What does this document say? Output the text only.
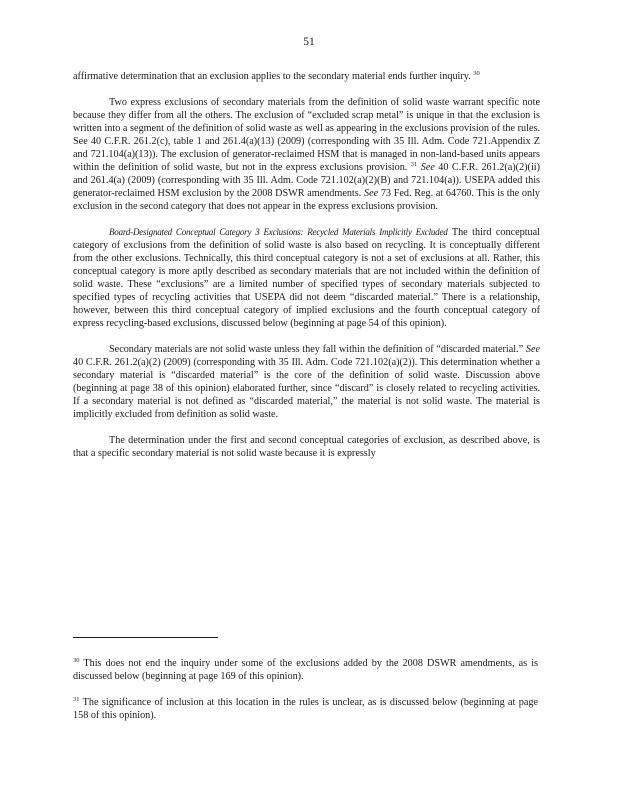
51

affirmative determination that an exclusion applies to the secondary material ends further inquiry. $^{30}$

Two express exclusions of secondary materials from the definition of solid waste warrant specific note because they differ from all the others. The exclusion of “excluded scrap metal” is unique in that the exclusion is written into a segment of the definition of solid waste as well as appearing in the exclusions provision of the rules. See 40 C.F.R. 261.2(c), table 1 and 261.4(a)(13) (2009) (corresponding with 35 Ill. Adm. Code 721.Appendix Z and 721.104(a)(13)). The exclusion of generator-reclaimed HSM that is managed in non-land-based units appears within the definition of solid waste, but not in the express exclusions provision. $^{31}$ See 40 C.F.R. 261.2(a)(2)(ii) and 261.4(a) (2009) (corresponding with 35 Ill. Adm. Code 721.102(a)(2)(B) and 721.104(a)). USEPA added this generator-reclaimed HSM exclusion by the 2008 DSWR amendments. See 73 Fed. Reg. at 64760. This is the only exclusion in the second category that does not appear in the express exclusions provision.

Board-Designated Conceptual Category 3 Exclusions: Recycled Materials Implicitly Excluded The third conceptual category of exclusions from the definition of solid waste is also based on recycling. It is conceptually different from the other exclusions. Technically, this third conceptual category is not a set of exclusions at all. Rather, this conceptual category is more aptly described as secondary materials that are not included within the definition of solid waste. These “exclusions” are a limited number of specified types of secondary materials subjected to specified types of recycling activities that USEPA did not deem “discarded material.” There is a relationship, however, between this third conceptual category of implied exclusions and the fourth conceptual category of express recycling-based exclusions, discussed below (beginning at page 54 of this opinion).

Secondary materials are not solid waste unless they fall within the definition of “discarded material.” See 40 C.F.R. 261.2(a)(2) (2009) (corresponding with 35 Ill. Adm. Code 721.102(a)(2)). This determination whether a secondary material is “discarded material” is the core of the definition of solid waste. Discussion above (beginning at page 38 of this opinion) elaborated further, since “discard” is closely related to recycling activities. If a secondary material is not defined as “discarded material,” the material is not solid waste. The material is implicitly excluded from definition as solid waste.

The determination under the first and second conceptual categories of exclusion, as described above, is that a specific secondary material is not solid waste because it is expressly

$^{30}$ This does not end the inquiry under some of the exclusions added by the 2008 DSWR amendments, as is discussed below (beginning at page 169 of this opinion).

$^{31}$ The significance of inclusion at this location in the rules is unclear, as is discussed below (beginning at page 158 of this opinion).
